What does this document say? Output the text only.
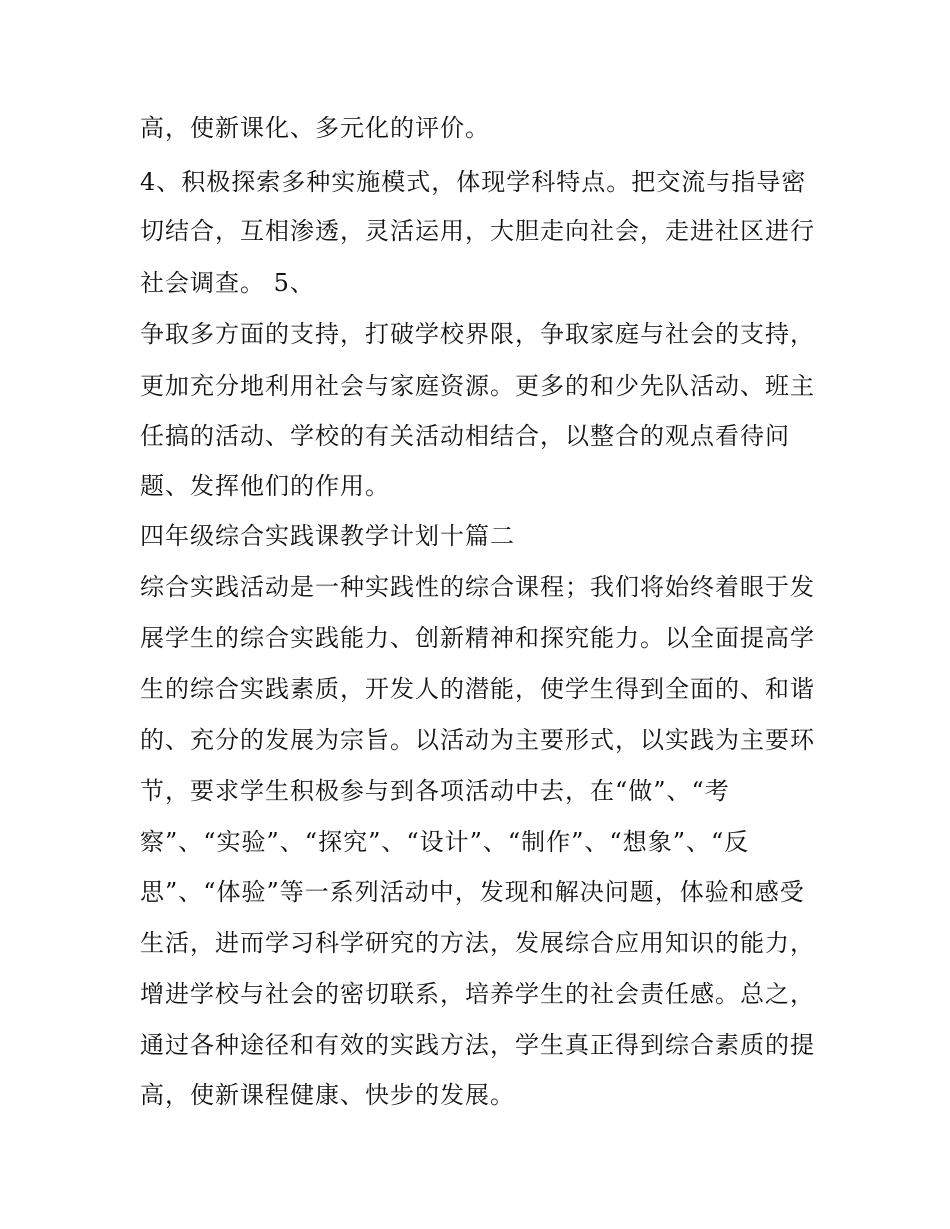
高，使新课化、多元化的评价。
4、积极探索多种实施模式，体现学科特点。把交流与指导密
切结合，互相渗透，灵活运用，大胆走向社会，走进社区进行
社会调查。 5、
争取多方面的支持，打破学校界限，争取家庭与社会的支持，
更加充分地利用社会与家庭资源。更多的和少先队活动、班主
任搞的活动、学校的有关活动相结合，以整合的观点看待问
题、发挥他们的作用。
四年级综合实践课教学计划十篇二
综合实践活动是一种实践性的综合课程；我们将始终着眼于发
展学生的综合实践能力、创新精神和探究能力。以全面提高学
生的综合实践素质，开发人的潜能，使学生得到全面的、和谐
的、充分的发展为宗旨。以活动为主要形式，以实践为主要环
节，要求学生积极参与到各项活动中去，在“做”、“考
察”、“实验”、“探究”、“设计”、“制作”、“想象”、“反
思”、“体验”等一系列活动中，发现和解决问题，体验和感受
生活，进而学习科学研究的方法，发展综合应用知识的能力，
增进学校与社会的密切联系，培养学生的社会责任感。总之，
通过各种途径和有效的实践方法，学生真正得到综合素质的提
高，使新课程健康、快步的发展。
